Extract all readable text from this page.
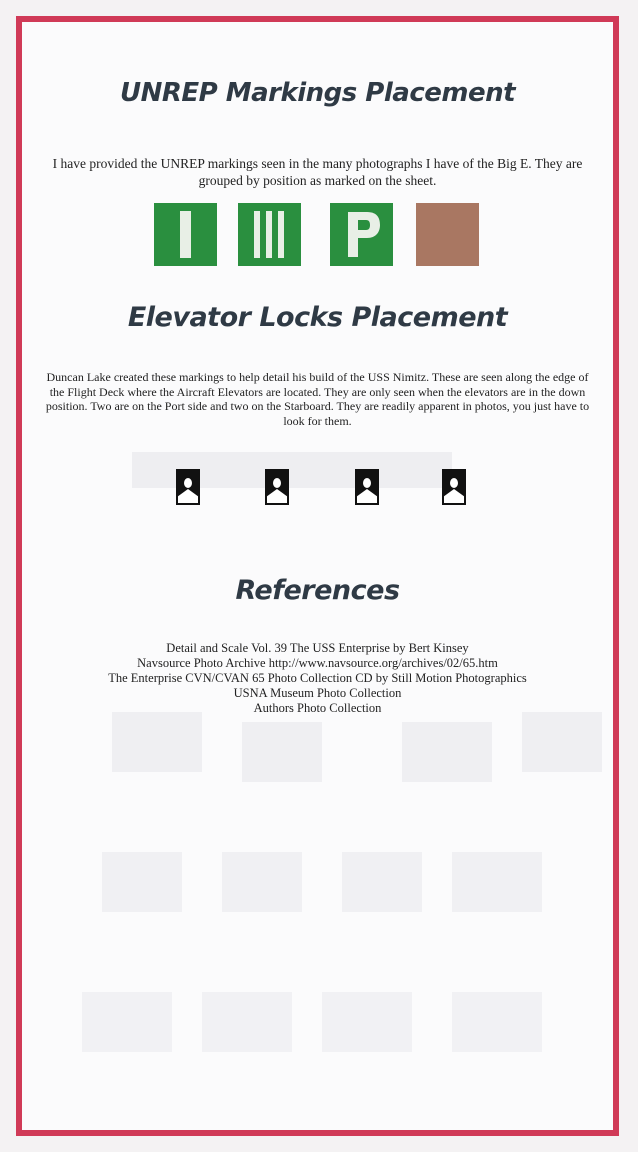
UNREP Markings Placement
I have provided the UNREP markings seen in the many photographs I have of the Big E. They are grouped by position as marked on the sheet.
Elevator Locks Placement
Duncan Lake created these markings to help detail his build of the USS Nimitz. These are seen along the edge of the Flight Deck where the Aircraft Elevators are located. They are only seen when the elevators are in the down position. Two are on the Port side and two on the Starboard. They are readily apparent in photos, you just have to look for them.
References
Detail and Scale Vol. 39 The USS Enterprise by Bert Kinsey
Navsource Photo Archive http://www.navsource.org/archives/02/65.htm
The Enterprise CVN/CVAN 65 Photo Collection CD by Still Motion Photographics
USNA Museum Photo Collection
Authors Photo Collection
